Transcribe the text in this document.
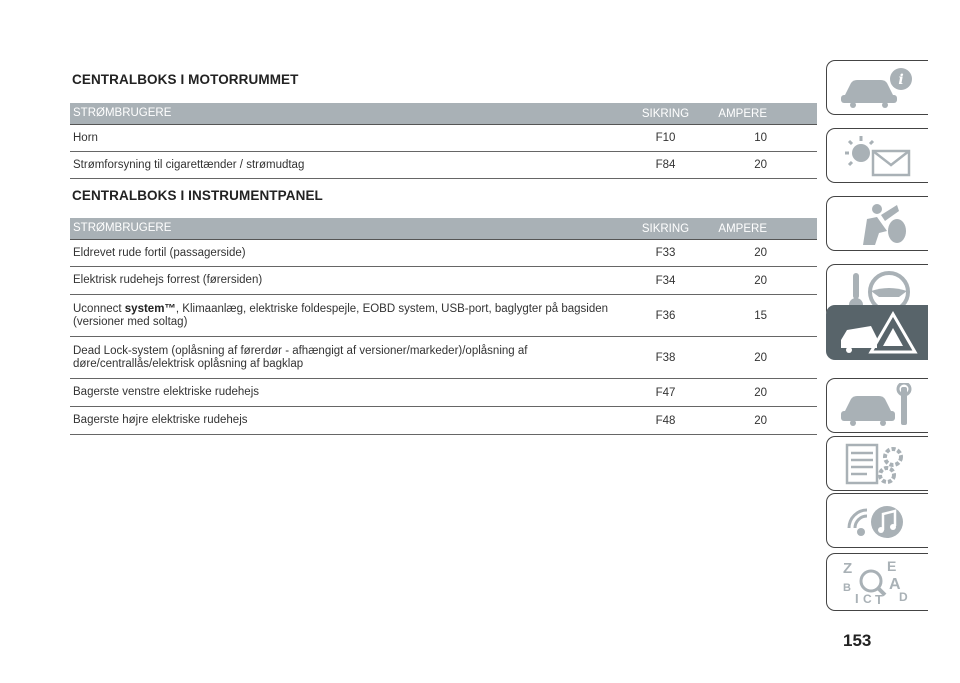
CENTRALBOKS I MOTORRUMMET
STRØMBRUGERE	SIKRING	AMPERE
Horn	F10	10
Strømforsyning til cigarettænder / strømudtag	F84	20
CENTRALBOKS I INSTRUMENTPANEL
STRØMBRUGERE	SIKRING	AMPERE
Eldrevet rude fortil (passagerside)	F33	20
Elektrisk rudehejs forrest (førersiden)	F34	20
Uconnect system™, Klimaanlæg, elektriske foldespejle, EOBD system, USB-port, baglygter på bagsiden (versioner med soltag)	F36	15
Dead Lock-system (oplåsning af førerdør - afhængigt af versioner/markeder)/oplåsning af døre/centrallås/elektrisk oplåsning af bagklap	F38	20
Bagerste venstre elektriske rudehejs	F47	20
Bagerste højre elektriske rudehejs	F48	20
i
Z E
B A
I C T D
153
